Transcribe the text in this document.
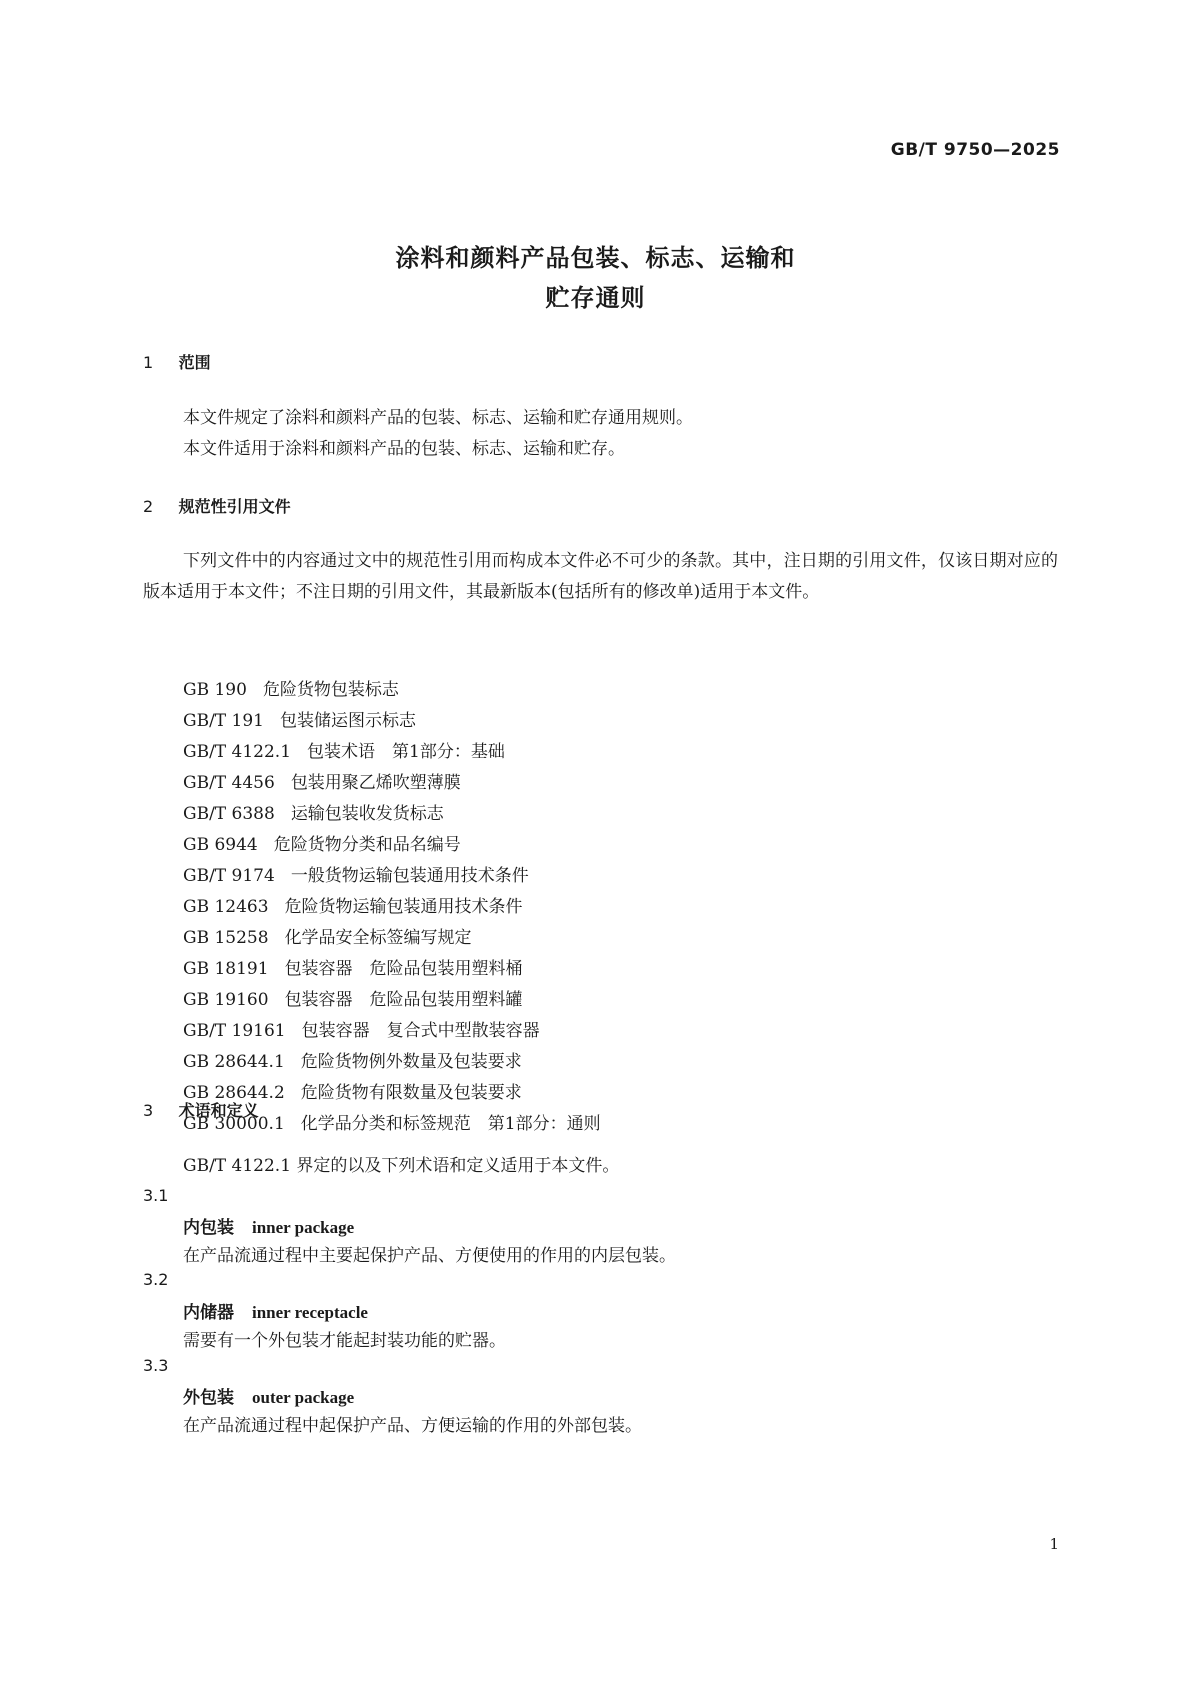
GB/T 9750—2025
涂料和颜料产品包装、标志、运输和
贮存通则
1 范围

本文件规定了涂料和颜料产品的包装、标志、运输和贮存通用规则。

本文件适用于涂料和颜料产品的包装、标志、运输和贮存。

2 规范性引用文件

下列文件中的内容通过文中的规范性引用而构成本文件必不可少的条款。其中，注日期的引用文件，仅该日期对应的版本适用于本文件；不注日期的引用文件，其最新版本(包括所有的修改单)适用于本文件。

GB 190 危险货物包装标志
GB/T 191 包装储运图示标志
GB/T 4122.1 包装术语　第1部分：基础
GB/T 4456 包装用聚乙烯吹塑薄膜
GB/T 6388 运输包装收发货标志
GB 6944 危险货物分类和品名编号
GB/T 9174 一般货物运输包装通用技术条件
GB 12463 危险货物运输包装通用技术条件
GB 15258 化学品安全标签编写规定
GB 18191 包装容器　危险品包装用塑料桶
GB 19160 包装容器　危险品包装用塑料罐
GB/T 19161 包装容器　复合式中型散装容器
GB 28644.1 危险货物例外数量及包装要求
GB 28644.2 危险货物有限数量及包装要求
GB 30000.1 化学品分类和标签规范　第1部分：通则
3 术语和定义

GB/T 4122.1 界定的以及下列术语和定义适用于本文件。

3.1
内包装 inner package
在产品流通过程中主要起保护产品、方便使用的作用的内层包装。
3.2
内储器 inner receptacle
需要有一个外包装才能起封装功能的贮器。
3.3
外包装 outer package
在产品流通过程中起保护产品、方便运输的作用的外部包装。
1
